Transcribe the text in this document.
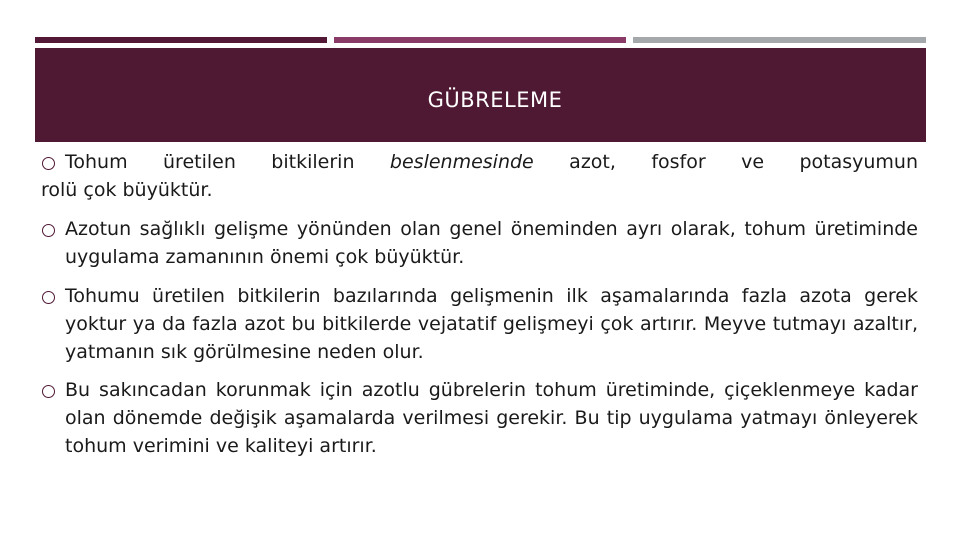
GÜBRELEME
Tohum üretilen bitkilerin beslenmesinde azot, fosfor ve potasyumun
rolü çok büyüktür.
Azotun sağlıklı gelişme yönünden olan genel öneminden ayrı olarak, tohum üretiminde uygulama zamanının önemi çok büyüktür.
Tohumu üretilen bitkilerin bazılarında gelişmenin ilk aşamalarında fazla azota gerek yoktur ya da fazla azot bu bitkilerde vejatatif gelişmeyi çok artırır. Meyve tutmayı azaltır, yatmanın sık görülmesine neden olur.
Bu sakıncadan korunmak için azotlu gübrelerin tohum üretiminde, çiçeklenmeye kadar olan dönemde değişik aşamalarda verilmesi gerekir. Bu tip uygulama yatmayı önleyerek tohum verimini ve kaliteyi artırır.
